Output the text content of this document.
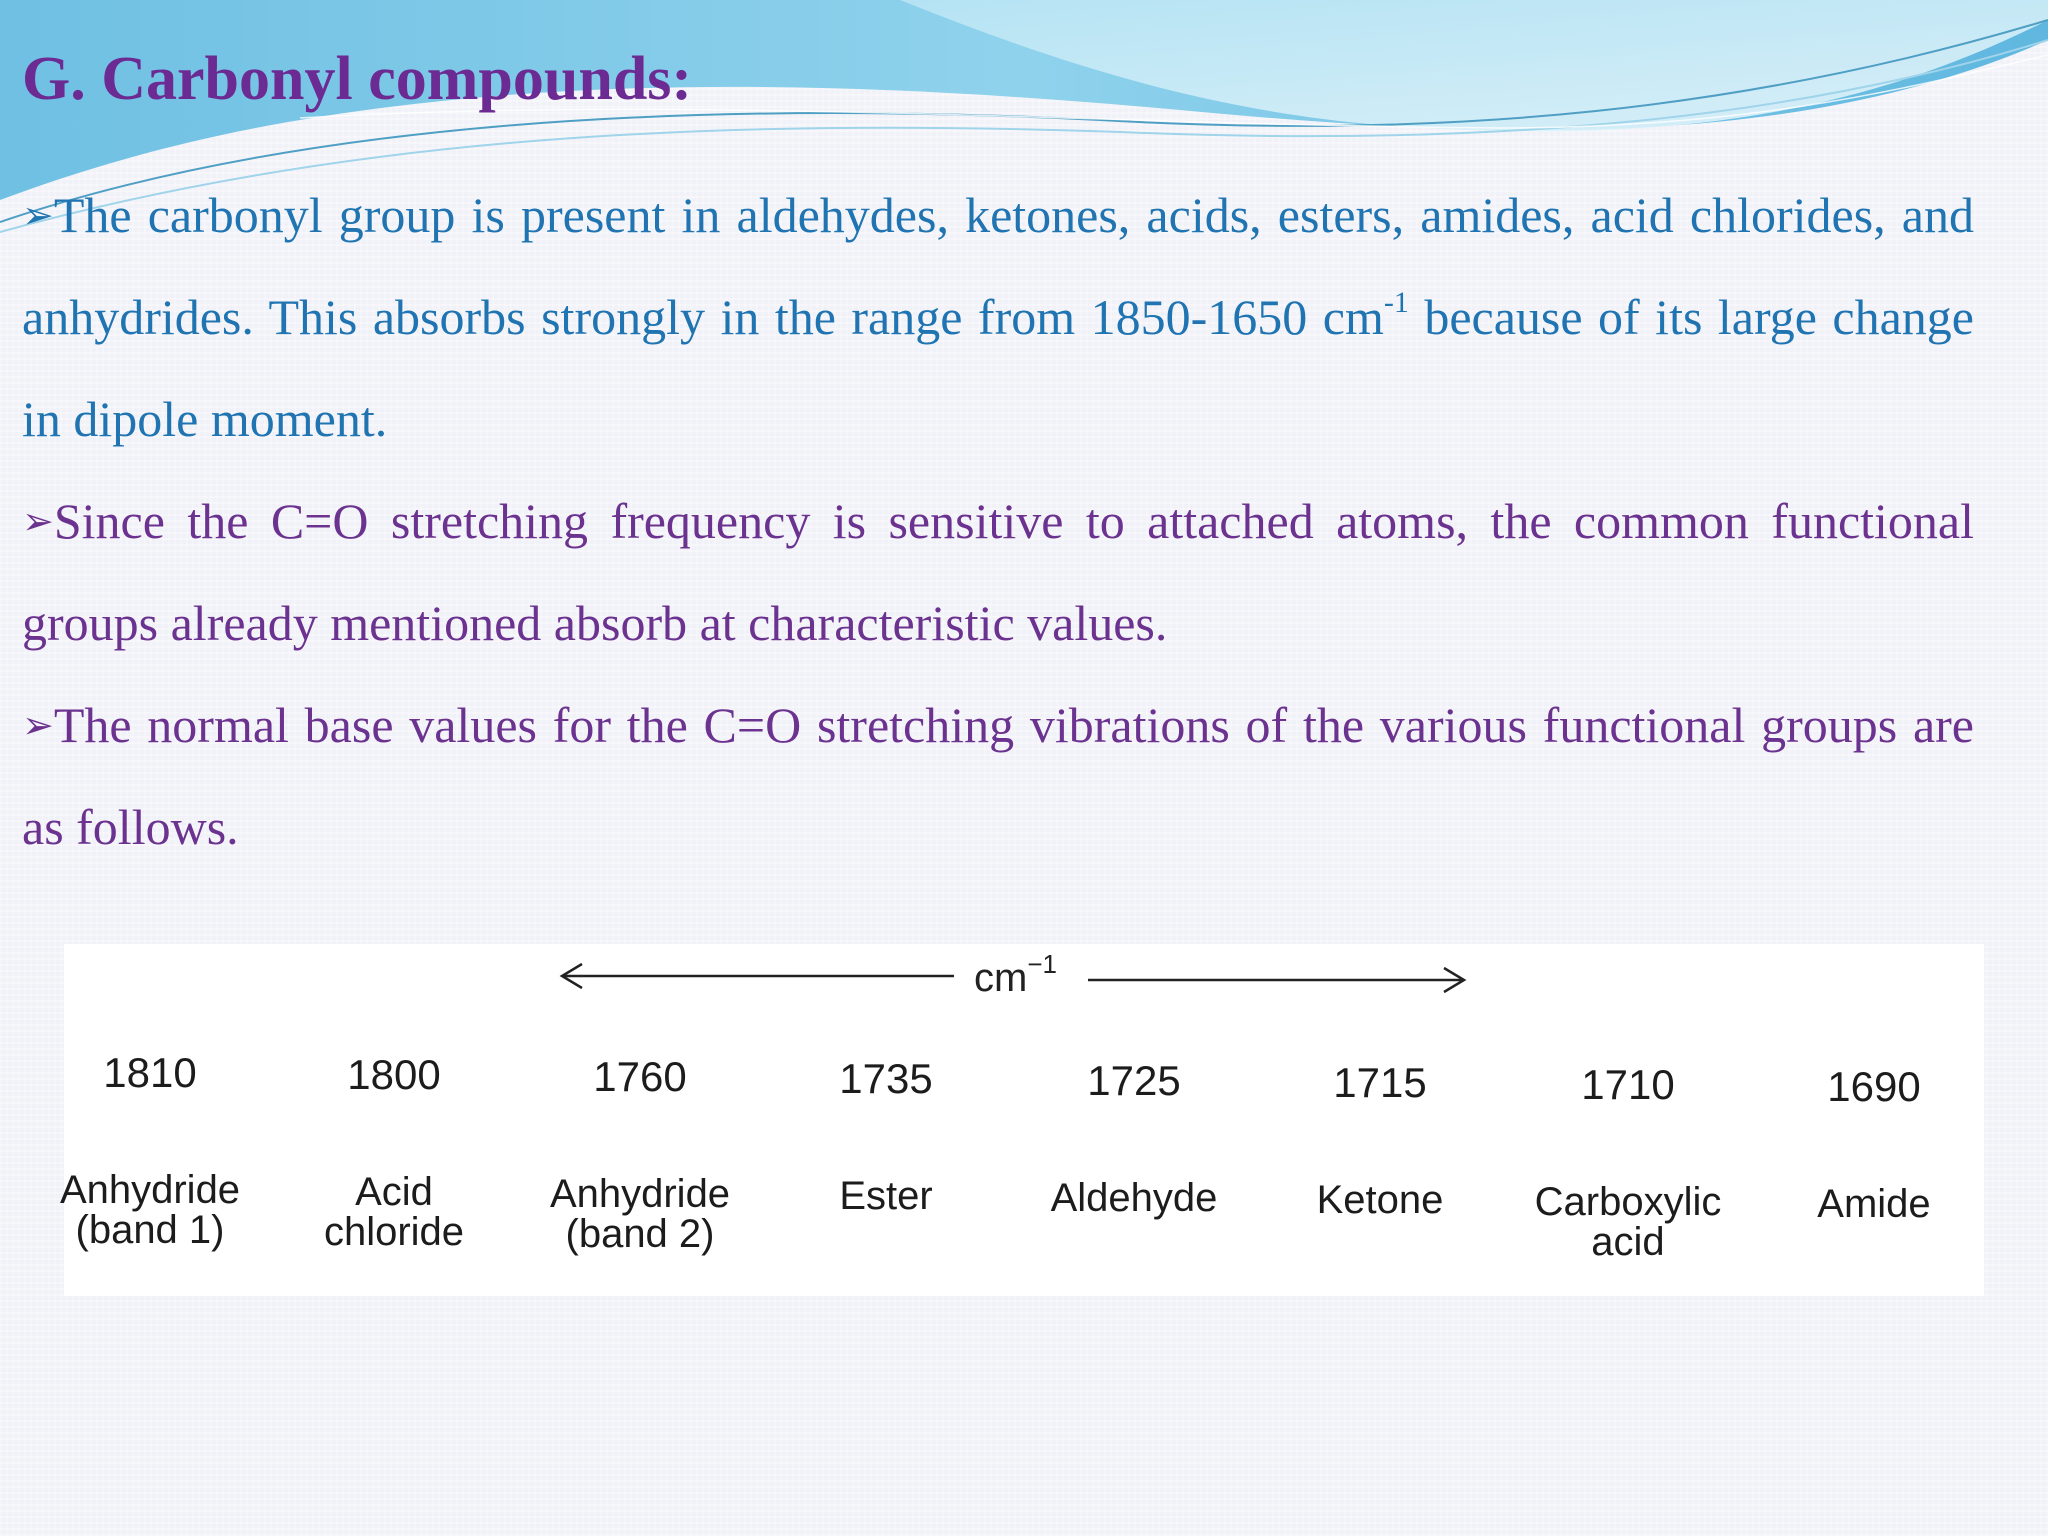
G. Carbonyl compounds:

➢The carbonyl group is present in aldehydes, ketones, acids, esters, amides, acid chlorides, and anhydrides. This absorbs strongly in the range from 1850-1650 $cm^{-1}$ because of its large change in dipole moment.

➢Since the C=O stretching frequency is sensitive to attached atoms, the common functional groups already mentioned absorb at characteristic values.

➢The normal base values for the C=O stretching vibrations of the various functional groups are as follows.

$cm^{-1}$
1810
Anhydride
(band 1)
1800
Acid
chloride
1760
Anhydride
(band 2)
1735
Ester
1725
Aldehyde
1715
Ketone
1710
Carboxylic
acid
1690
Amide
